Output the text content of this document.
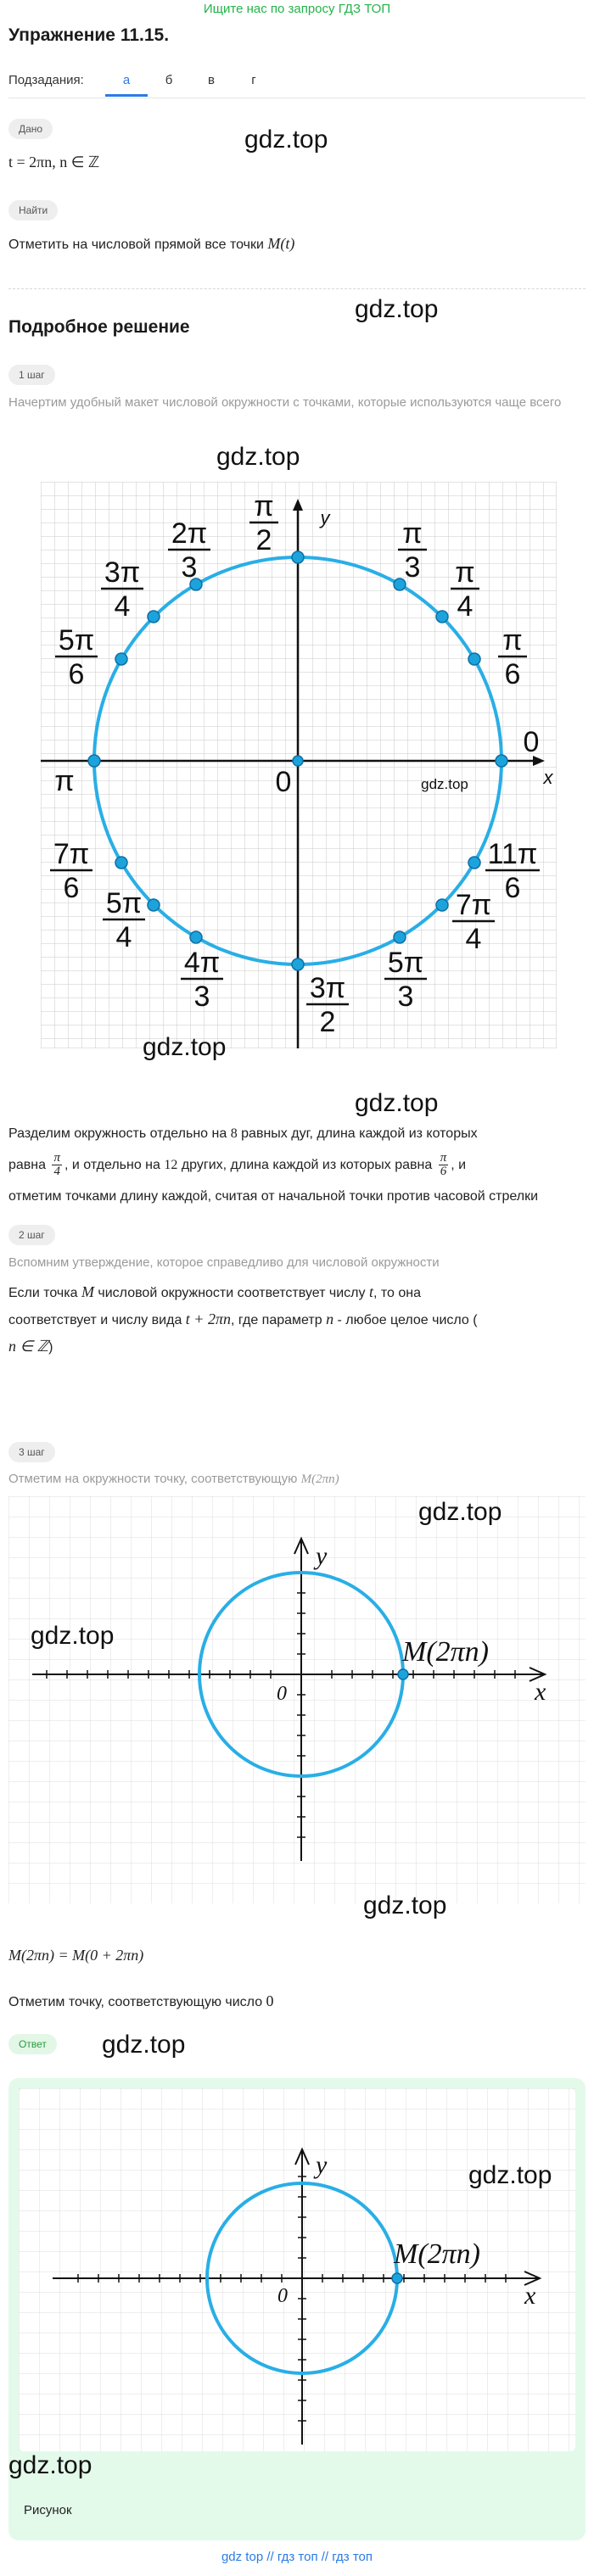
Ищите нас по запросу ГДЗ ТОП
Упражнение 11.15.
Подзадания:	а	б	в	г
Дано
t = 2πn, n ∈ ℤ
Найти
Отметить на числовой прямой все точки M(t)
gdz.top
gdz.top
Подробное решение
1 шаг
Начертим удобный макет числовой окружности с точками, которые используются чаще всего
gdz.top
x
y
0
0
π	gdz.top
π
2	π
3 π
4
π
6
2π
3
3π
4
5π
6
7π
6 5π
4
4π
3	3π
2
5π
3
7π
4
11π
6
gdz.top
gdz.top
Разделим окружность отдельно на 8 равных дуг, длина каждой из которых
равна $\frac{\pi}{4}$ , и отдельно на 12 других, длина каждой из которых равна $\frac{\pi}{6}$ , и
отметим точками длину каждой, считая от начальной точки против часовой стрелки
2 шаг
Вспомним утверждение, которое справедливо для числовой окружности
Если точка M числовой окружности соответствует числу t, то она
соответствует и числу вида t + 2πn, где параметр n - любое целое число (
n ∈ ℤ)
3 шаг
Отметим на окружности точку, соответствующую M(2πn)
x
y
0
M(2πn)
gdz.top
gdz.top
gdz.top
M(2πn) = M(0 + 2πn)
Отметим точку, соответствующую число 0
Ответ	gdz.top
x
y
0
M(2πn)
Рисунок
gdz.top
gdz.top
gdz top // гдз топ // гдз топ
